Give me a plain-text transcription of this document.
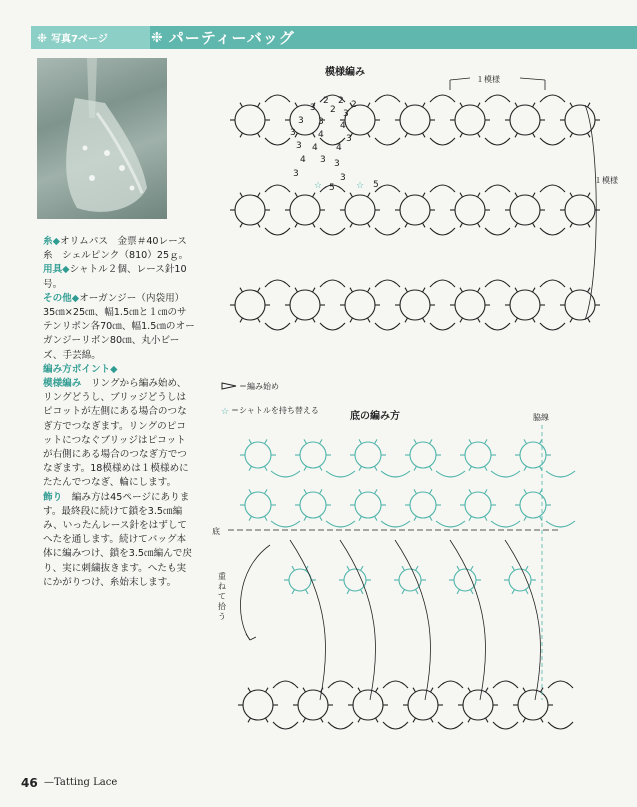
❉ 写真7ページ	❉ パーティーバッグ

糸◆オリムパス　金票＃40レース糸　シェルピンク（810）25ｇ。

用具◆シャトル２個、レース針10号。

その他◆オーガンジー（内袋用）35㎝×25㎝、幅1.5㎝と１㎝のサテンリボン各70㎝、幅1.5㎝のオーガンジーリボン80㎝、丸小ビーズ、手芸綿。

編み方ポイント◆

模様編み　リングから編み始め、リングどうし、ブリッジどうしはピコットが左側にある場合のつなぎ方でつなぎます。リングのピコットにつなぐブリッジはピコットが右側にある場合のつなぎ方でつなぎます。18模様めは１模様めにたたんでつなぎ、輪にします。

飾り　編み方は45ページにあります。最終段に続けて鎖を3.5㎝編み、いったんレース針をはずしてへたを通します。続けてバッグ本体に編みつけ、鎖を3.5㎝編んで戻り、実に刺繍抜きます。へたも実にかがりつけ、糸始末します。

☆
☆	☆
2 2 2
3 2 3
3 3 4
3 4 3
3 4 4
4 3 3
3	3
5	5
模様編み
１模様
１模様
＝編み始め
＝シャトルを持ち替える
底の編み方	脇線
底
重ねて拾う
46 —Tatting Lace
